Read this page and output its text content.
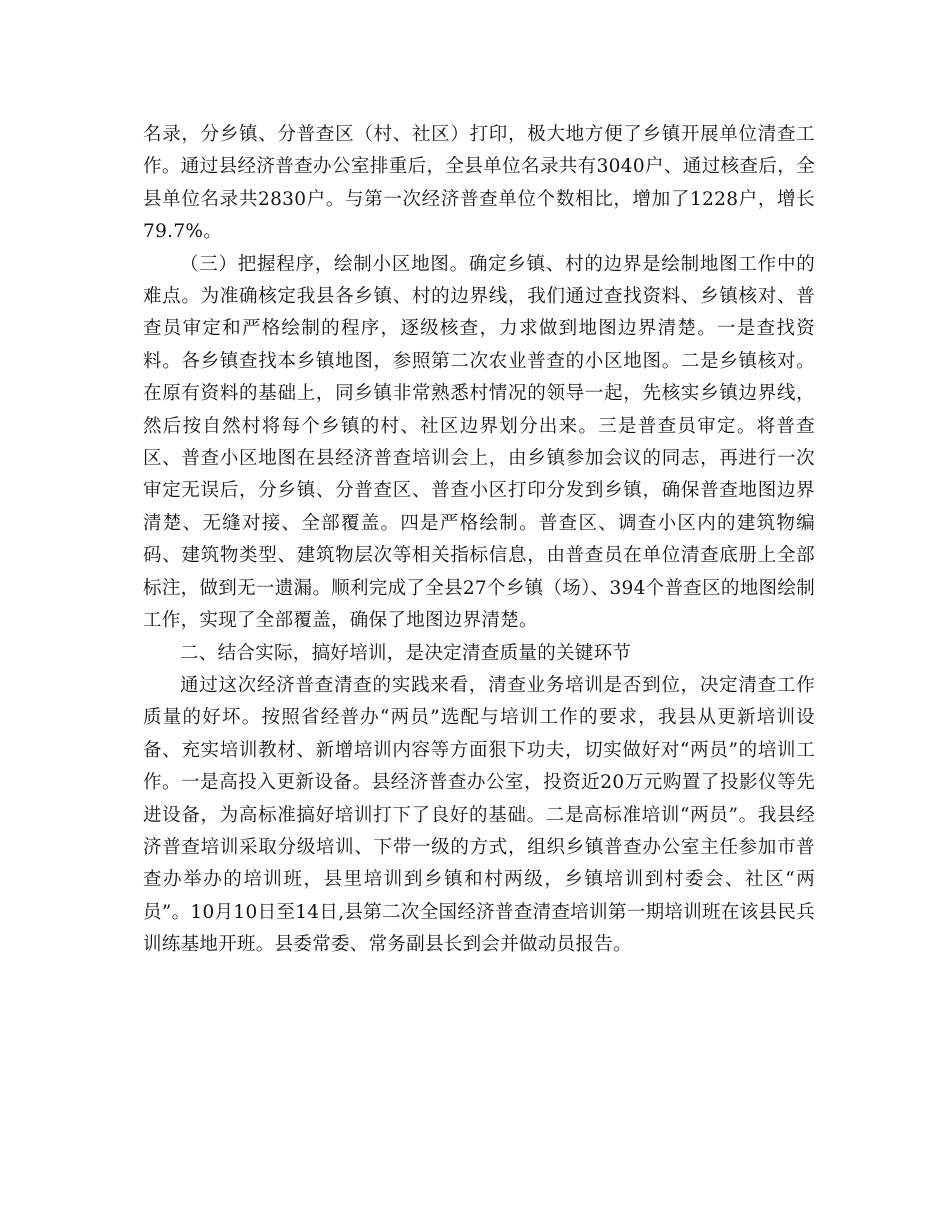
名录，分乡镇、分普查区（村、社区）打印，极大地方便了乡镇开展单位清查工作。通过县经济普查办公室排重后，全县单位名录共有3040户、通过核查后，全县单位名录共2830户。与第一次经济普查单位个数相比，增加了1228户，增长79.7%。

（三）把握程序，绘制小区地图。确定乡镇、村的边界是绘制地图工作中的难点。为准确核定我县各乡镇、村的边界线，我们通过查找资料、乡镇核对、普查员审定和严格绘制的程序，逐级核查，力求做到地图边界清楚。一是查找资料。各乡镇查找本乡镇地图，参照第二次农业普查的小区地图。二是乡镇核对。在原有资料的基础上，同乡镇非常熟悉村情况的领导一起，先核实乡镇边界线，然后按自然村将每个乡镇的村、社区边界划分出来。三是普查员审定。将普查区、普查小区地图在县经济普查培训会上，由乡镇参加会议的同志，再进行一次审定无误后，分乡镇、分普查区、普查小区打印分发到乡镇，确保普查地图边界清楚、无缝对接、全部覆盖。四是严格绘制。普查区、调查小区内的建筑物编码、建筑物类型、建筑物层次等相关指标信息，由普查员在单位清查底册上全部标注，做到无一遗漏。顺利完成了全县27个乡镇（场）、394个普查区的地图绘制工作，实现了全部覆盖，确保了地图边界清楚。

二、结合实际，搞好培训，是决定清查质量的关键环节

通过这次经济普查清查的实践来看，清查业务培训是否到位，决定清查工作质量的好坏。按照省经普办“两员”选配与培训工作的要求，我县从更新培训设备、充实培训教材、新增培训内容等方面狠下功夫，切实做好对“两员”的培训工作。一是高投入更新设备。县经济普查办公室，投资近20万元购置了投影仪等先进设备，为高标准搞好培训打下了良好的基础。二是高标准培训“两员”。我县经济普查培训采取分级培训、下带一级的方式，组织乡镇普查办公室主任参加市普查办举办的培训班，县里培训到乡镇和村两级，乡镇培训到村委会、社区“两员”。10月10日至14日,县第二次全国经济普查清查培训第一期培训班在该县民兵训练基地开班。县委常委、常务副县长到会并做动员报告。
